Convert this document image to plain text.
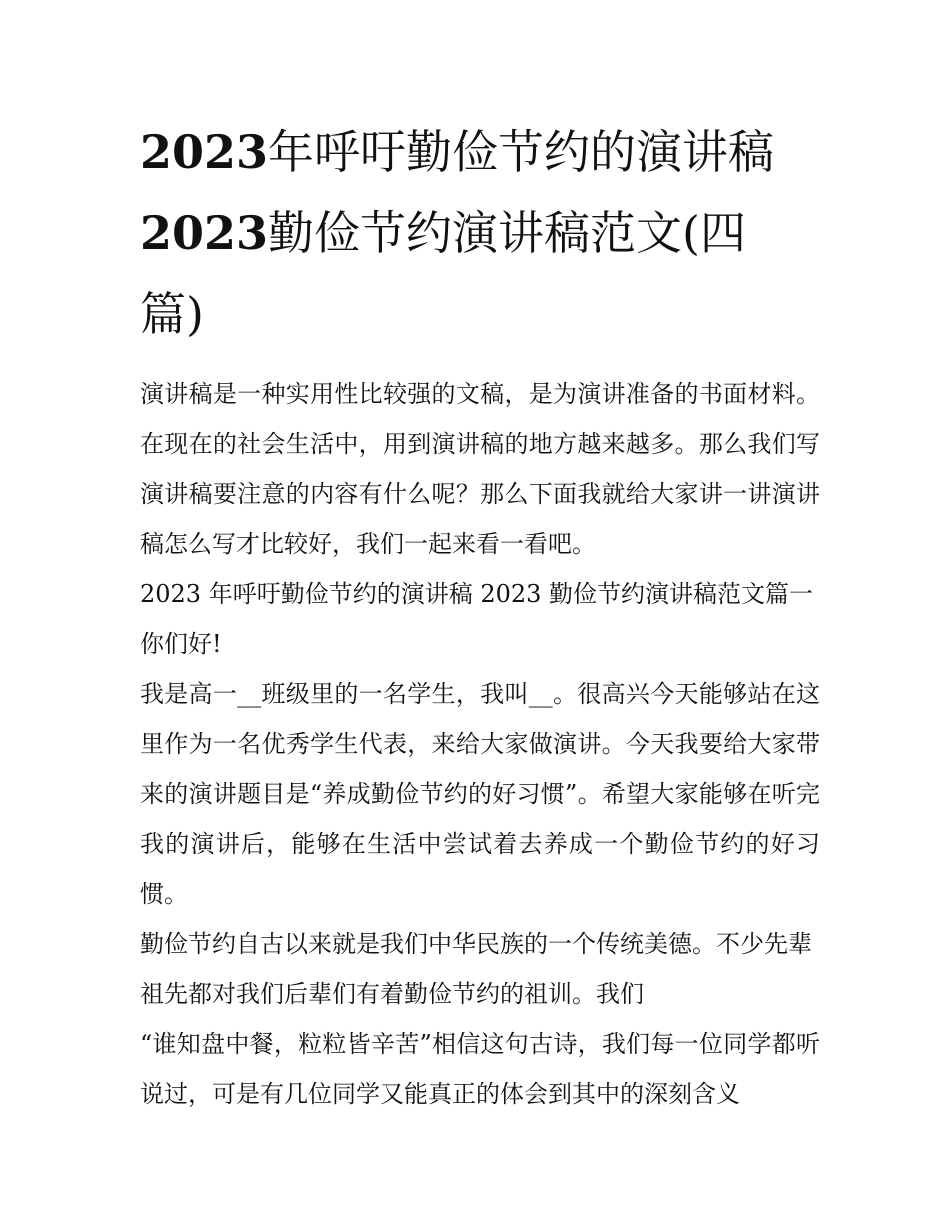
2023年呼吁勤俭节约的演讲稿
2023勤俭节约演讲稿范文(四
篇)

演讲稿是一种实用性比较强的文稿，是为演讲准备的书面材料。在现在的社会生活中，用到演讲稿的地方越来越多。那么我们写演讲稿要注意的内容有什么呢？那么下面我就给大家讲一讲演讲稿怎么写才比较好，我们一起来看一看吧。

2023 年呼吁勤俭节约的演讲稿 2023 勤俭节约演讲稿范文篇一

你们好!

我是高一__班级里的一名学生，我叫__。很高兴今天能够站在这里作为一名优秀学生代表，来给大家做演讲。今天我要给大家带来的演讲题目是“养成勤俭节约的好习惯”。希望大家能够在听完我的演讲后，能够在生活中尝试着去养成一个勤俭节约的好习惯。

勤俭节约自古以来就是我们中华民族的一个传统美德。不少先辈祖先都对我们后辈们有着勤俭节约的祖训。我们

“谁知盘中餐，粒粒皆辛苦”相信这句古诗，我们每一位同学都听说过，可是有几位同学又能真正的体会到其中的深刻含义
